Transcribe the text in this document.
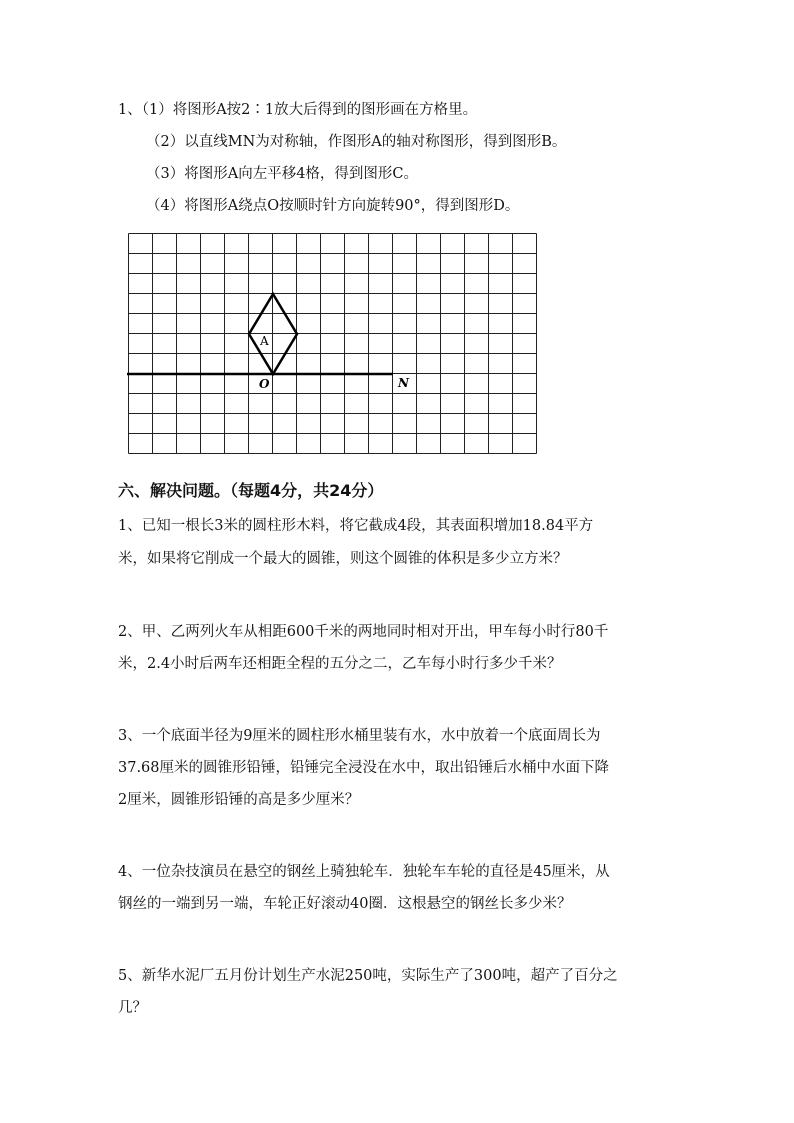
1、（1）将图形A按2∶1放大后得到的图形画在方格里。
（2）以直线MN为对称轴，作图形A的轴对称图形，得到图形B。
（3）将图形A向左平移4格，得到图形C。
（4）将图形A绕点O按顺时针方向旋转90°，得到图形D。
A
O	N
六、解决问题。（每题4分，共24分）
1、已知一根长3米的圆柱形木料，将它截成4段，其表面积增加18.84平方
米，如果将它削成一个最大的圆锥，则这个圆锥的体积是多少立方米？
2、甲、乙两列火车从相距600千米的两地同时相对开出，甲车每小时行80千
米，2.4小时后两车还相距全程的五分之二，乙车每小时行多少千米？
3、一个底面半径为9厘米的圆柱形水桶里装有水，水中放着一个底面周长为
37.68厘米的圆锥形铅锤，铅锤完全浸没在水中，取出铅锤后水桶中水面下降
2厘米，圆锥形铅锤的高是多少厘米？
4、一位杂技演员在悬空的钢丝上骑独轮车．独轮车车轮的直径是45厘米，从
钢丝的一端到另一端，车轮正好滚动40圈．这根悬空的钢丝长多少米？
5、新华水泥厂五月份计划生产水泥250吨，实际生产了300吨，超产了百分之
几？
